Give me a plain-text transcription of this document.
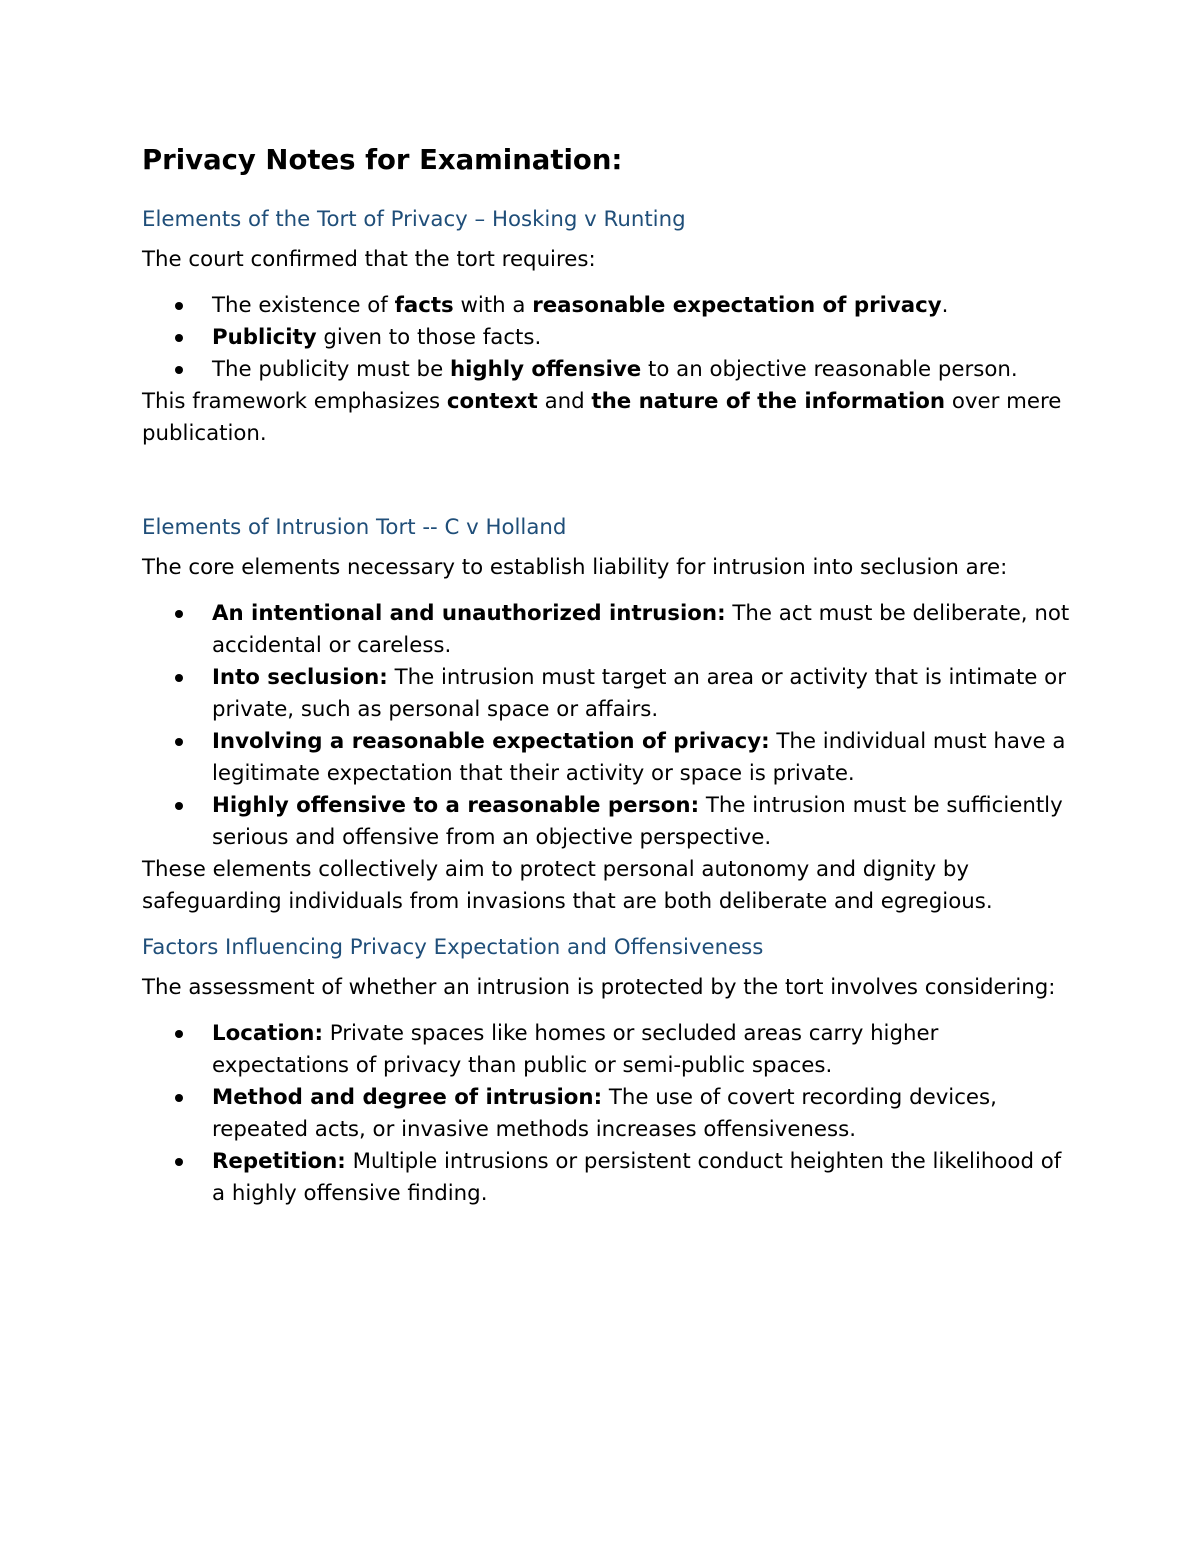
Privacy Notes for Examination:
Elements of the Tort of Privacy – Hosking v Runting

The court confirmed that the tort requires:

The existence of facts with a reasonable expectation of privacy.
Publicity given to those facts.
The publicity must be highly offensive to an objective reasonable person.

This framework emphasizes context and the nature of the information over mere publication.

Elements of Intrusion Tort -- C v Holland

The core elements necessary to establish liability for intrusion into seclusion are:

An intentional and unauthorized intrusion: The act must be deliberate, not accidental or careless.
Into seclusion: The intrusion must target an area or activity that is intimate or private, such as personal space or affairs.
Involving a reasonable expectation of privacy: The individual must have a legitimate expectation that their activity or space is private.
Highly offensive to a reasonable person: The intrusion must be sufficiently serious and offensive from an objective perspective.

These elements collectively aim to protect personal autonomy and dignity by safeguarding individuals from invasions that are both deliberate and egregious.

Factors Influencing Privacy Expectation and Offensiveness

The assessment of whether an intrusion is protected by the tort involves considering:

Location: Private spaces like homes or secluded areas carry higher expectations of privacy than public or semi-public spaces.
Method and degree of intrusion: The use of covert recording devices, repeated acts, or invasive methods increases offensiveness.
Repetition: Multiple intrusions or persistent conduct heighten the likelihood of a highly offensive finding.
